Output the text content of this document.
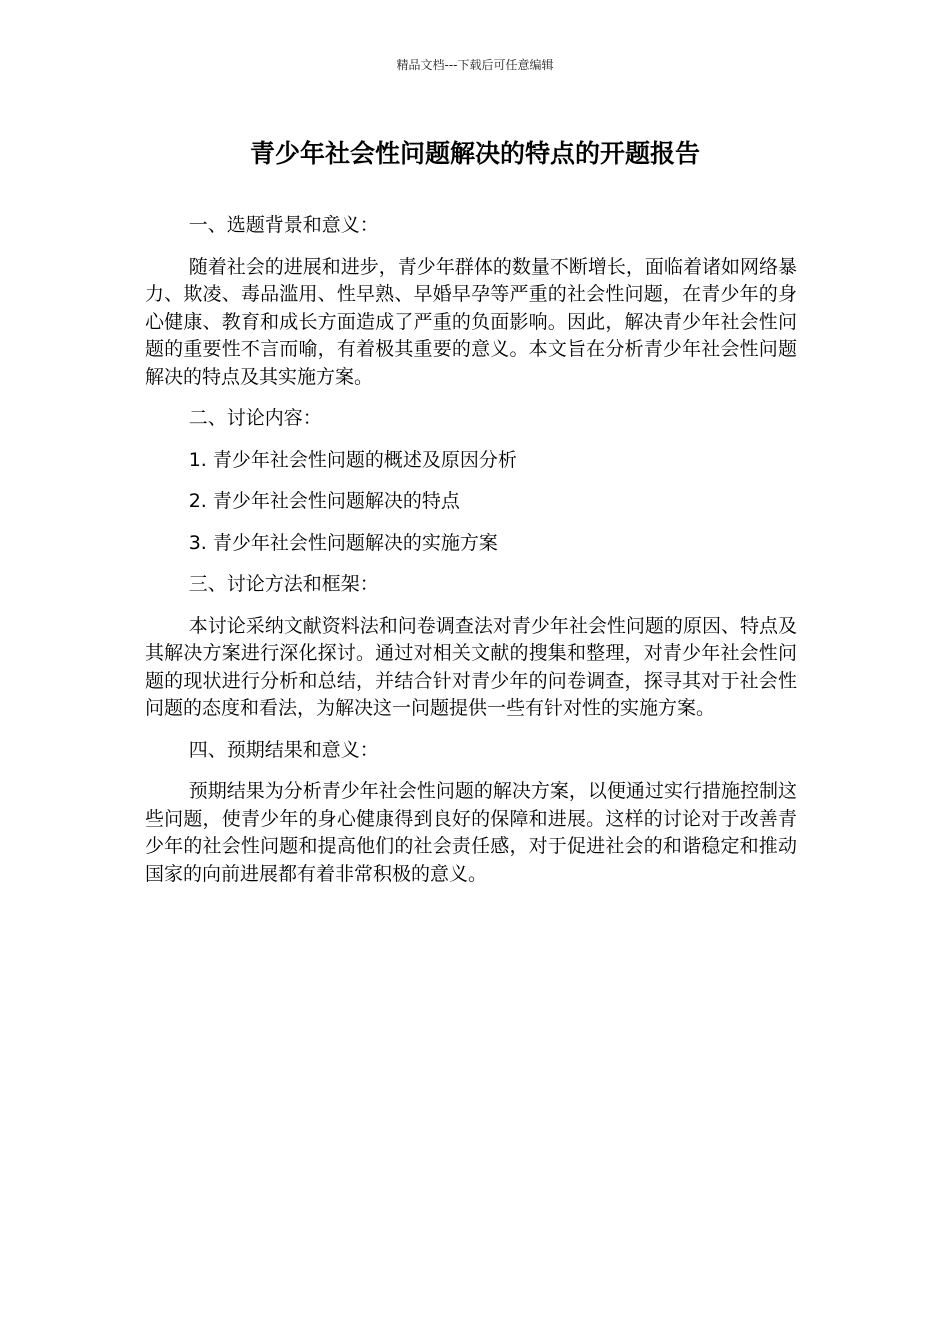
精品文档---下载后可任意编辑
青少年社会性问题解决的特点的开题报告

一、选题背景和意义：

随着社会的进展和进步，青少年群体的数量不断增长，面临着诸如网络暴力、欺凌、毒品滥用、性早熟、早婚早孕等严重的社会性问题，在青少年的身心健康、教育和成长方面造成了严重的负面影响。因此，解决青少年社会性问题的重要性不言而喻，有着极其重要的意义。本文旨在分析青少年社会性问题解决的特点及其实施方案。

二、讨论内容：

1. 青少年社会性问题的概述及原因分析

2. 青少年社会性问题解决的特点

3. 青少年社会性问题解决的实施方案

三、讨论方法和框架：

本讨论采纳文献资料法和问卷调查法对青少年社会性问题的原因、特点及其解决方案进行深化探讨。通过对相关文献的搜集和整理，对青少年社会性问题的现状进行分析和总结，并结合针对青少年的问卷调查，探寻其对于社会性问题的态度和看法，为解决这一问题提供一些有针对性的实施方案。

四、预期结果和意义：

预期结果为分析青少年社会性问题的解决方案，以便通过实行措施控制这些问题，使青少年的身心健康得到良好的保障和进展。这样的讨论对于改善青少年的社会性问题和提高他们的社会责任感，对于促进社会的和谐稳定和推动国家的向前进展都有着非常积极的意义。
